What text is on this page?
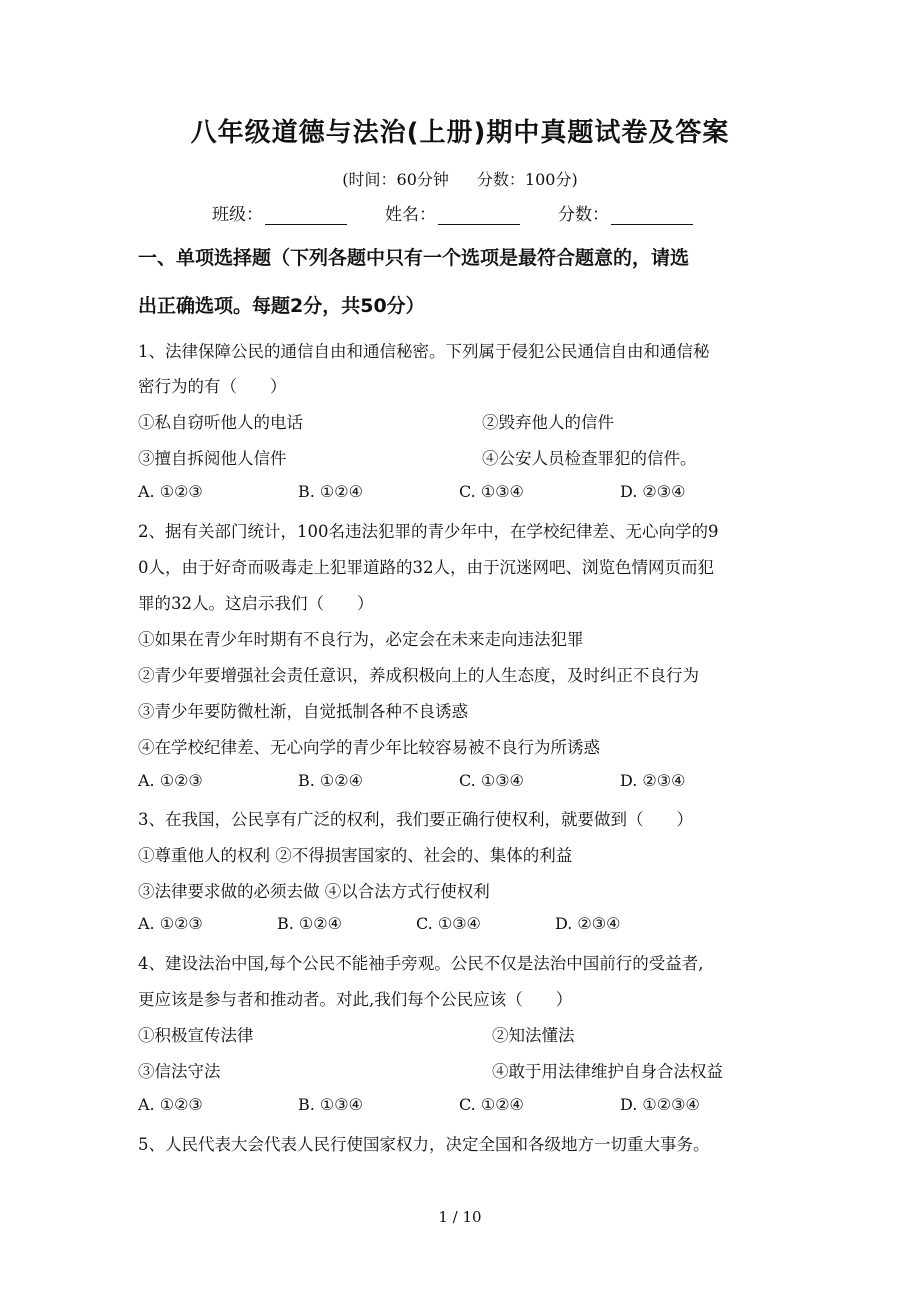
八年级道德与法治(上册)期中真题试卷及答案
(时间：60分钟 分数：100分)
班级：	姓名：	分数：
一、单项选择题（下列各题中只有一个选项是最符合题意的，请选
出正确选项。每题2分，共50分）
1、法律保障公民的通信自由和通信秘密。下列属于侵犯公民通信自由和通信秘
密行为的有（　　）
①私自窃听他人的电话	②毁弃他人的信件
③擅自拆阅他人信件	④公安人员检查罪犯的信件。
A. ①②③	B. ①②④	C. ①③④	D. ②③④
2、据有关部门统计，100名违法犯罪的青少年中，在学校纪律差、无心向学的9
0人，由于好奇而吸毒走上犯罪道路的32人，由于沉迷网吧、浏览色情网页而犯
罪的32人。这启示我们（　　）
①如果在青少年时期有不良行为，必定会在未来走向违法犯罪
②青少年要增强社会责任意识，养成积极向上的人生态度，及时纠正不良行为
③青少年要防微杜渐，自觉抵制各种不良诱惑
④在学校纪律差、无心向学的青少年比较容易被不良行为所诱惑
A. ①②③	B. ①②④	C. ①③④	D. ②③④
3、在我国，公民享有广泛的权利，我们要正确行使权利，就要做到（　　）
①尊重他人的权利 ②不得损害国家的、社会的、集体的利益
③法律要求做的必须去做 ④以合法方式行使权利
A. ①②③	B. ①②④	C. ①③④	D. ②③④
4、建设法治中国,每个公民不能袖手旁观。公民不仅是法治中国前行的受益者,
更应该是参与者和推动者。对此,我们每个公民应该（　　）
①积极宣传法律	②知法懂法
③信法守法	④敢于用法律维护自身合法权益
A. ①②③	B. ①③④	C. ①②④	D. ①②③④
5、人民代表大会代表人民行使国家权力，决定全国和各级地方一切重大事务。
1 / 10
